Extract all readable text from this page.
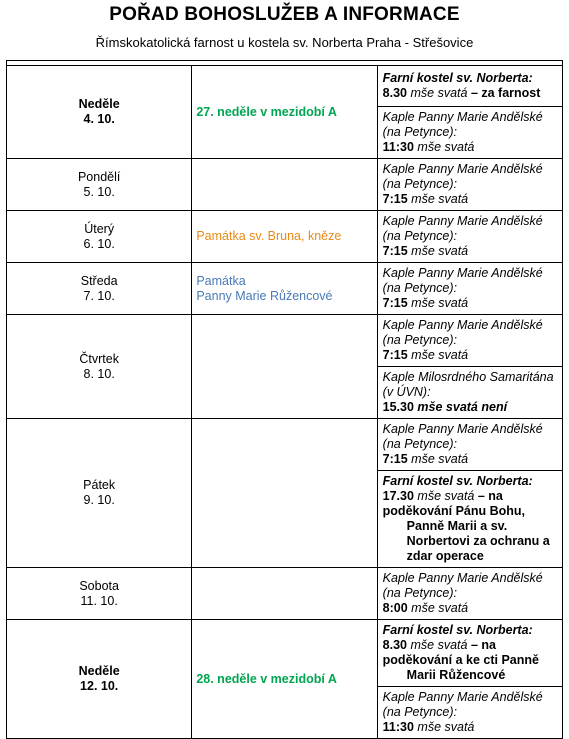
POŘAD BOHOSLUŽEB A INFORMACE
Římskokatolická farnost u kostela sv. Norberta Praha - Střešovice

Neděle
4. 10.	27. neděle v mezidobí A	Farní kostel sv. Norberta:
8.30 mše svatá – za farnost

		Kaple Panny Marie Andělské (na Petynce):
11:30 mše svatá

Pondělí
5. 10.		Kaple Panny Marie Andělské (na Petynce):
7:15 mše svatá

Úterý
6. 10.	Památka sv. Bruna, kněze	Kaple Panny Marie Andělské (na Petynce):
7:15 mše svatá

Středa
7. 10.	Památka
Panny Marie Růžencové	Kaple Panny Marie Andělské (na Petynce):
7:15 mše svatá

Čtvrtek
8. 10.		Kaple Panny Marie Andělské (na Petynce):
7:15 mše svatá

		Kaple Milosrdného Samaritána (v ÚVN):
15.30 mše svatá není

Pátek
9. 10.		Kaple Panny Marie Andělské (na Petynce):
7:15 mše svatá

		Farní kostel sv. Norberta:
17.30 mše svatá – na poděkování Pánu Bohu,
Panně Marii a sv. Norbertovi za ochranu a
zdar operace

Sobota
11. 10.		Kaple Panny Marie Andělské (na Petynce):
8:00 mše svatá

Neděle
12. 10.	28. neděle v mezidobí A	Farní kostel sv. Norberta:
8.30 mše svatá – na poděkování a ke cti Panně
Marii Růžencové

		Kaple Panny Marie Andělské (na Petynce):
11:30 mše svatá
